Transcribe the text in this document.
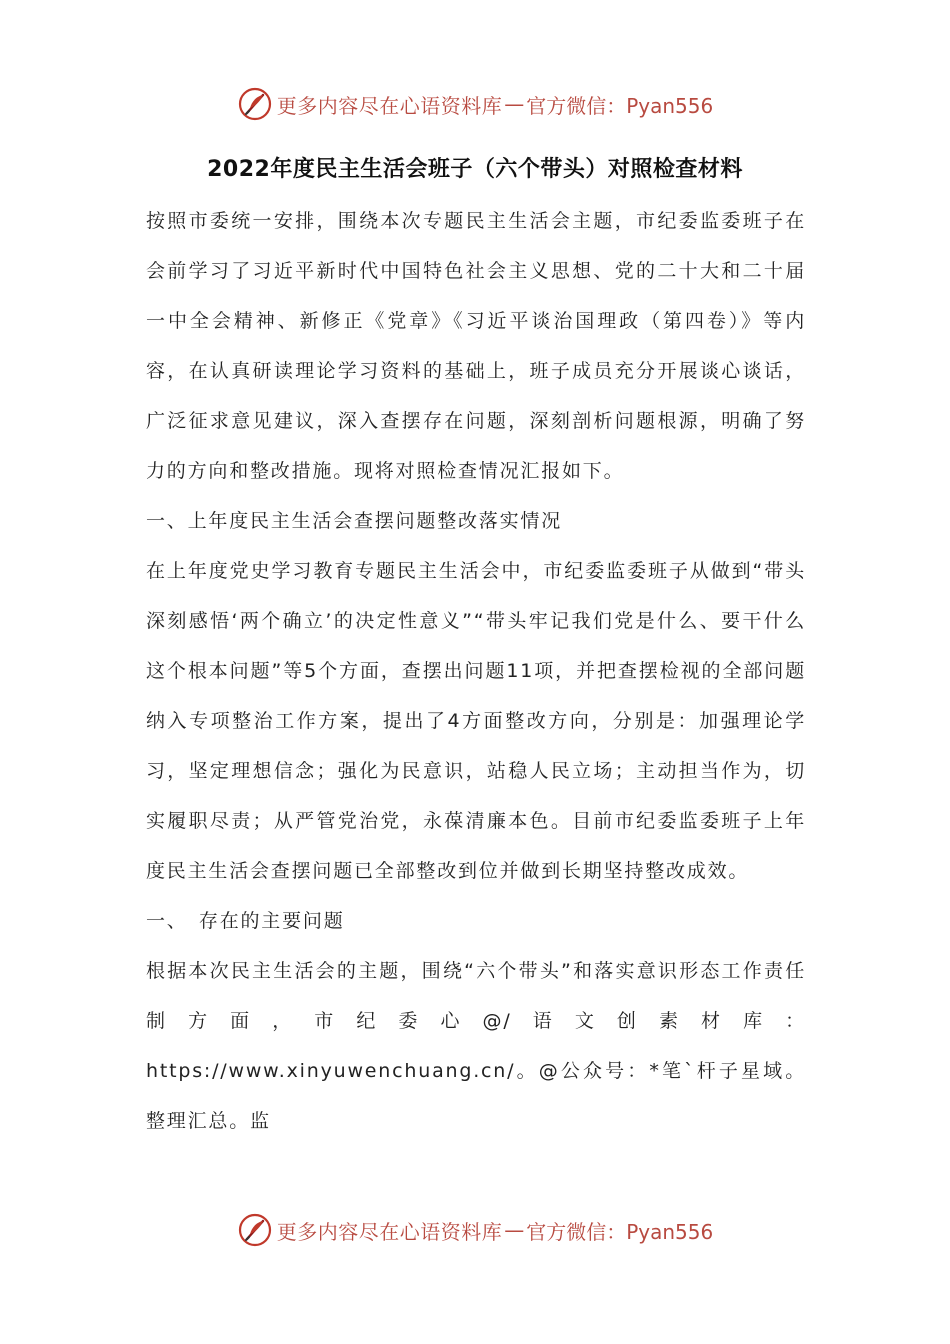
更多内容尽在心语资料库 — 官方微信：Pyan556
2022年度民主生活会班子（六个带头）对照检查材料

按照市委统一安排，围绕本次专题民主生活会主题，市纪委监委班子在会前学习了习近平新时代中国特色社会主义思想、党的二十大和二十届一中全会精神、新修正《党章》《习近平谈治国理政（第四卷）》等内容，在认真研读理论学习资料的基础上，班子成员充分开展谈心谈话，广泛征求意见建议，深入查摆存在问题，深刻剖析问题根源，明确了努力的方向和整改措施。现将对照检查情况汇报如下。

一、上年度民主生活会查摆问题整改落实情况

在上年度党史学习教育专题民主生活会中，市纪委监委班子从做到“带头深刻感悟‘两个确立’的决定性意义”“带头牢记我们党是什么、要干什么这个根本问题”等5个方面，查摆出问题11项，并把查摆检视的全部问题纳入专项整治工作方案，提出了4方面整改方向，分别是：加强理论学习，坚定理想信念；强化为民意识，站稳人民立场；主动担当作为，切实履职尽责；从严管党治党，永葆清廉本色。目前市纪委监委班子上年度民主生活会查摆问题已全部整改到位并做到长期坚持整改成效。

一、　存在的主要问题

根据本次民主生活会的主题，围绕“六个带头”和落实意识形态工作责任制方面，市纪委心@/语文创素材库：https://www.xinyuwenchuang.cn/。@公众号：*笔`杆子星域。整理汇总。监

更多内容尽在心语资料库 — 官方微信：Pyan556
